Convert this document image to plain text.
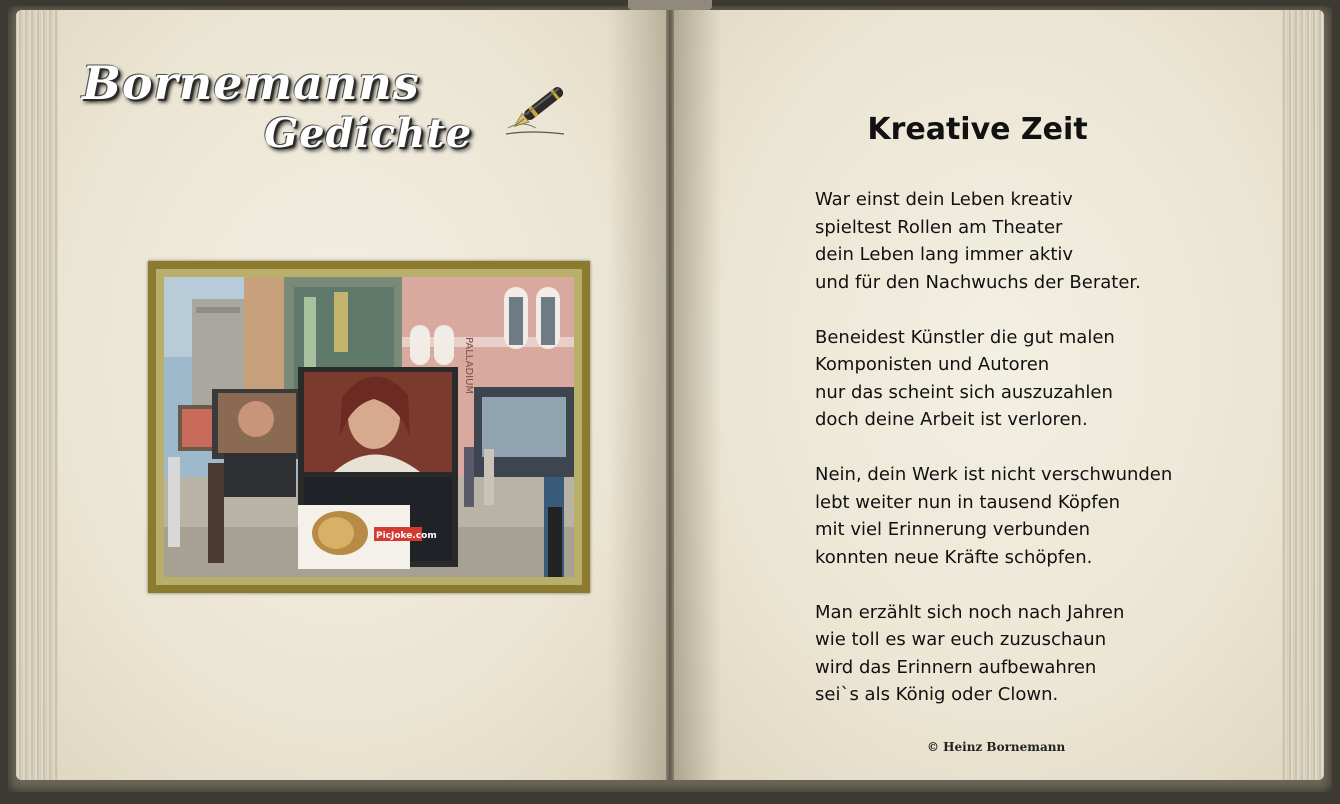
Bornemanns
Gedichte
PALLADIUM
PicJoke.com
Kreative Zeit
War einst dein Leben kreativ
spieltest Rollen am Theater
dein Leben lang immer aktiv
und für den Nachwuchs der Berater.
Beneidest Künstler die gut malen
Komponisten und Autoren
nur das scheint sich auszuzahlen
doch deine Arbeit ist verloren.
Nein, dein Werk ist nicht verschwunden
lebt weiter nun in tausend Köpfen
mit viel Erinnerung verbunden
konnten neue Kräfte schöpfen.
Man erzählt sich noch nach Jahren
wie toll es war euch zuzuschaun
wird das Erinnern aufbewahren
sei`s als König oder Clown.
© Heinz Bornemann
